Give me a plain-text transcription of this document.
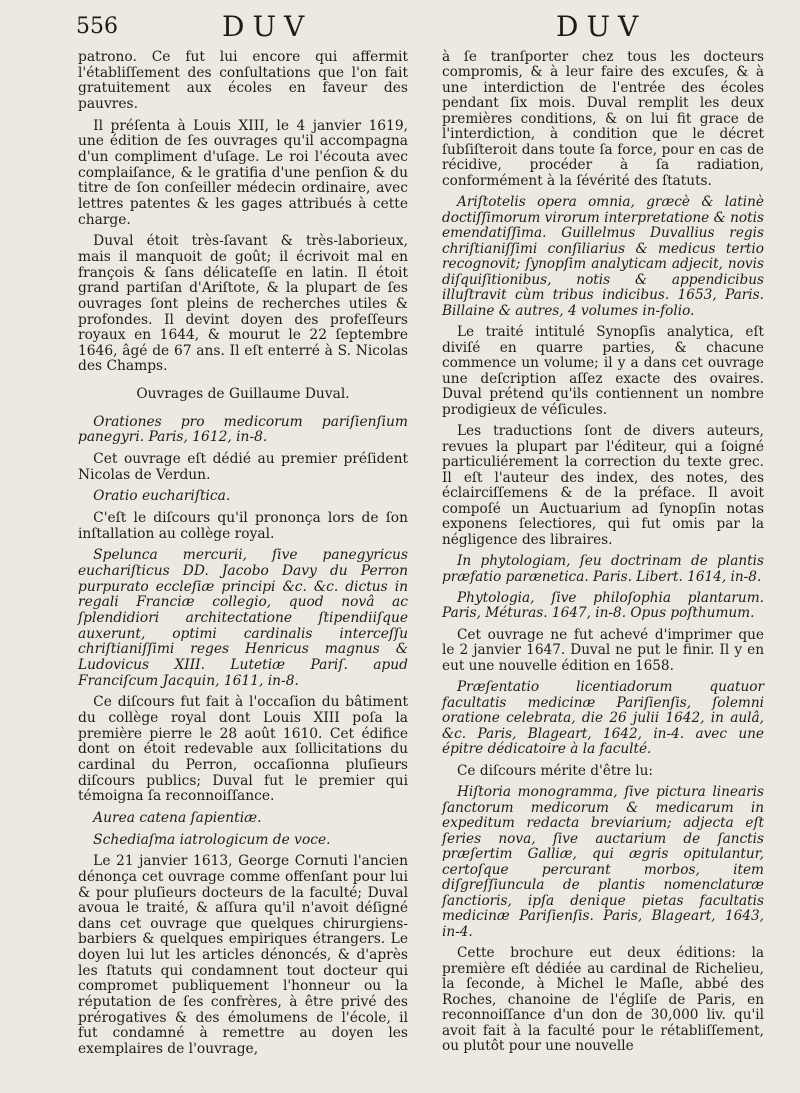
556	DUV	DUV

patrono. Ce fut lui encore qui affermit l'établiſſement des conſultations que l'on fait gratuitement aux écoles en faveur des pauvres.

Il préſenta à Louis XIII, le 4 janvier 1619, une édition de ſes ouvrages qu'il accompagna d'un compliment d'uſage. Le roi l'écouta avec complaiſance, & le gratifia d'une penſion & du titre de ſon conſeiller médecin ordinaire, avec lettres patentes & les gages attribués à cette charge.

Duval étoit très-ſavant & très-laborieux, mais il manquoit de goût; il écrivoit mal en françois & ſans délicateſſe en latin. Il étoit grand partiſan d'Ariſtote, & la plupart de ſes ouvrages ſont pleins de recherches utiles & profondes. Il devint doyen des profeſſeurs royaux en 1644, & mourut le 22 ſeptembre 1646, âgé de 67 ans. Il eſt enterré à S. Nicolas des Champs.

Ouvrages de Guillaume Duval.

Orationes pro medicorum pariſienſium panegyri. Paris, 1612, in-8.

Cet ouvrage eſt dédié au premier préſident Nicolas de Verdun.

Oratio euchariſtica.

C'eſt le diſcours qu'il prononça lors de ſon inſtallation au collège royal.

Spelunca mercurii, ſive panegyricus euchariſticus DD. Jacobo Davy du Perron purpurato eccleſiæ principi &c. &c. dictus in regali Franciæ collegio, quod novâ ac ſplendidiori architectatione ſtipendiiſque auxerunt, optimi cardinalis interceſſu chriſtianiſſimi reges Henricus magnus & Ludovicus XIII. Lutetiæ Pariſ. apud Franciſcum Jacquin, 1611, in-8.

Ce diſcours fut fait à l'occaſion du bâtiment du collège royal dont Louis XIII poſa la première pierre le 28 août 1610. Cet édifice dont on étoit redevable aux ſollicitations du cardinal du Perron, occaſionna pluſieurs diſcours publics; Duval fut le premier qui témoigna ſa reconnoiſſance.

Aurea catena ſapientiæ.

Schediaſma iatrologicum de voce.

Le 21 janvier 1613, George Cornuti l'ancien dénonça cet ouvrage comme offenſant pour lui & pour pluſieurs docteurs de la faculté; Duval avoua le traité, & aſſura qu'il n'avoit déſigné dans cet ouvrage que quelques chirurgiens-barbiers & quelques empiriques étrangers. Le doyen lui lut les articles dénoncés, & d'après les ſtatuts qui condamnent tout docteur qui compromet publiquement l'honneur ou la réputation de ſes confrères, à être privé des prérogatives & des émolumens de l'école, il fut condamné à remettre au doyen les exemplaires de l'ouvrage,

à ſe tranſporter chez tous les docteurs compromis, & à leur faire des excuſes, & à une interdiction de l'entrée des écoles pendant ſix mois. Duval remplit les deux premières conditions, & on lui fit grace de l'interdiction, à condition que le décret ſubſiſteroit dans toute ſa force, pour en cas de récidive, procéder à ſa radiation, conformément à la ſévérité des ſtatuts.

Ariſtotelis opera omnia, græcè & latinè doctiſſimorum virorum interpretatione & notis emendatiſſima. Guillelmus Duvallius regis chriſtianiſſimi conſiliarius & medicus tertio recognovit; ſynopſim analyticam adjecit, novis diſquiſitionibus, notis & appendicibus illuſtravit cùm tribus indicibus. 1653, Paris. Billaine & autres, 4 volumes in-folio.

Le traité intitulé Synopſis analytica, eſt diviſé en quarre parties, & chacune commence un volume; il y a dans cet ouvrage une deſcription aſſez exacte des ovaires. Duval prétend qu'ils contiennent un nombre prodigieux de véſicules.

Les traductions ſont de divers auteurs, revues la plupart par l'éditeur, qui a ſoigné particuliérement la correction du texte grec. Il eſt l'auteur des index, des notes, des éclairciſſemens & de la préface. Il avoit compoſé un Auctuarium ad ſynopſin notas exponens ſelectiores, qui fut omis par la négligence des libraires.

In phytologiam, ſeu doctrinam de plantis præfatio parænetica. Paris. Libert. 1614, in-8.

Phytologia, ſive philoſophia plantarum. Paris, Méturas. 1647, in-8. Opus poſthumum.

Cet ouvrage ne fut achevé d'imprimer que le 2 janvier 1647. Duval ne put le finir. Il y en eut une nouvelle édition en 1658.

Præſentatio licentiadorum quatuor facultatis medicinæ Pariſienſis, ſolemni oratione celebrata, die 26 julii 1642, in aulâ, &c. Paris, Blageart, 1642, in-4. avec une épitre dédicatoire à la faculté.

Ce diſcours mérite d'être lu:

Hiſtoria monogramma, ſive pictura linearis ſanctorum medicorum & medicarum in expeditum redacta breviarium; adjecta eſt ſeries nova, ſive auctarium de ſanctis præſertim Galliæ, qui ægris opitulantur, certoſque percurant morbos, item diſgreſſiuncula de plantis nomenclaturæ ſanctioris, ipſa denique pietas facultatis medicinæ Pariſienſis. Paris, Blageart, 1643, in-4.

Cette brochure eut deux éditions: la première eſt dédiée au cardinal de Richelieu, la ſeconde, à Michel le Maſle, abbé des Roches, chanoine de l'égliſe de Paris, en reconnoiſſance d'un don de 30,000 liv. qu'il avoit fait à la faculté pour le rétabliſſement, ou plutôt pour une nouvelle
